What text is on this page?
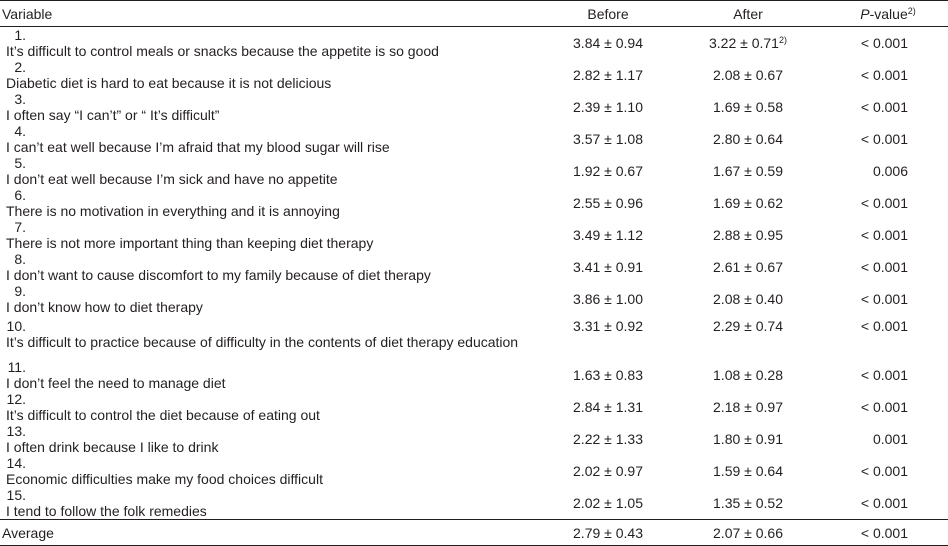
Variable	Before	After	P-value$^{2)}$
1.It’s difficult to control meals or snacks because the appetite is so good	3.84 ± 0.94	$3.22 \pm 0.71^{2)}$	< 0.001
2.Diabetic diet is hard to eat because it is not delicious	2.82 ± 1.17	2.08 ± 0.67	< 0.001
3.I often say “I can’t” or “ It’s difficult”	2.39 ± 1.10	1.69 ± 0.58	< 0.001
4.I can’t eat well because I’m afraid that my blood sugar will rise	3.57 ± 1.08	2.80 ± 0.64	< 0.001
5.I don’t eat well because I’m sick and have no appetite	1.92 ± 0.67	1.67 ± 0.59	0.006
6.There is no motivation in everything and it is annoying	2.55 ± 0.96	1.69 ± 0.62	< 0.001
7.There is not more important thing than keeping diet therapy	3.49 ± 1.12	2.88 ± 0.95	< 0.001
8.I don’t want to cause discomfort to my family because of diet therapy	3.41 ± 0.91	2.61 ± 0.67	< 0.001
9.I don’t know how to diet therapy	3.86 ± 1.00	2.08 ± 0.40	< 0.001
10.It’s difficult to practice because of difficulty in the contents of diet therapy education	3.31 ± 0.92	2.29 ± 0.74	< 0.001
11.I don’t feel the need to manage diet	1.63 ± 0.83	1.08 ± 0.28	< 0.001
12.It’s difficult to control the diet because of eating out	2.84 ± 1.31	2.18 ± 0.97	< 0.001
13.I often drink because I like to drink	2.22 ± 1.33	1.80 ± 0.91	0.001
14.Economic difficulties make my food choices difficult	2.02 ± 0.97	1.59 ± 0.64	< 0.001
15.I tend to follow the folk remedies	2.02 ± 1.05	1.35 ± 0.52	< 0.001
Average	2.79 ± 0.43	2.07 ± 0.66	< 0.001
